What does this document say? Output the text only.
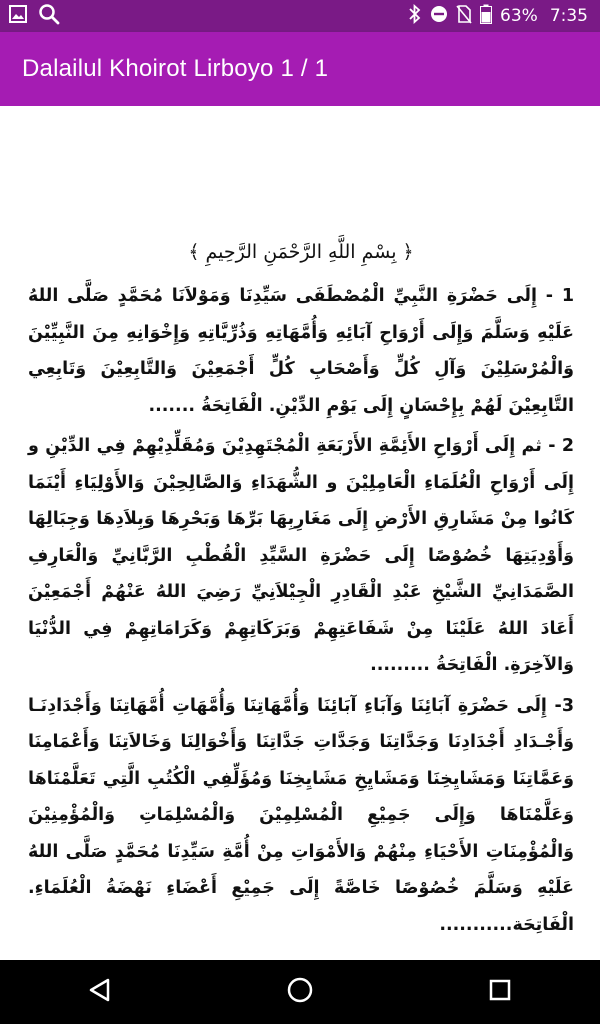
63% 7:35
Dalailul Khoirot Lirboyo 1 / 1
﴿ بِسْمِ اللَّهِ الرَّحْمَنِ الرَّحِيمِ ﴾

1 - إِلَى حَضْرَةِ النَّبِيِّ الْمُصْطَفَى سَيِّدِنَا وَمَوْلاَنَا مُحَمَّدٍ صَلَّى اللهُ عَلَيْهِ وَسَلَّمَ وَإِلَى أَرْوَاحِ آبَائِهِ وَأُمَّهَاتِهِ وَذُرِّيَّاتِهِ وَإِخْوَانِهِ مِنَ النَّبِيِّيْنَ وَالْمُرْسَلِيْنَ وَآلِ كُلٍّ وَأَصْحَابِ كُلٍّ أَجْمَعِيْنَ وَالتَّابِعِيْنَ وَتَابِعِي التَّابِعِيْنَ لَهُمْ بِإِحْسَانٍ إِلَى يَوْمِ الدِّيْنِ. الْفَاتِحَةُ .......

2 - ثم إِلَى أَرْوَاحِ الأَئِمَّةِ الأَرْبَعَةِ الْمُجْتَهِدِيْنَ وَمُقَلِّدِيْهِمْ فِي الدِّيْنِ و إِلَى أَرْوَاحِ الْعُلَمَاءِ الْعَامِلِيْنَ و الشُّهَدَاءِ وَالصَّالِحِيْنَ وَالأَوْلِيَاءِ أَيْنَمَا كَانُوا مِنْ مَشَارِقِ الأَرْضِ إِلَى مَغَارِبِهَا بَرِّهَا وَبَحْرِهَا وَبِلاَدِهَا وَجِبَالِهَا وَأَوْدِيَتِهَا خُصُوْصًا إِلَى حَضْرَةِ السَّيِّدِ الْقُطْبِ الرَّبَّانِيِّ وَالْعَارِفِ الصَّمَدَانِيِّ الشَّيْخِ عَبْدِ الْقَادِرِ الْجِيْلاَنِيِّ رَضِيَ اللهُ عَنْهُمْ أَجْمَعِيْنَ أَعَادَ اللهُ عَلَيْنَا مِنْ شَفَاعَتِهِمْ وَبَرَكَاتِهِمْ وَكَرَامَاتِهِمْ فِي الدُّنْيَا وَالآخِرَةِ. الْفَاتِحَةُ .........

3- إِلَى حَضْرَةِ آبَائِنَا وَآبَاءِ آبَائِنَا وَأُمَّهَاتِنَا وَأُمَّهَاتِ أُمَّهَاتِنَا وَأَجْدَادِنَـا وَأَجْـدَادِ أَجْدَادِنَا وَجَدَّاتِنَا وَجَدَّاتِ جَدَّاتِنَا وَأَخْوَالِنَا وَخَالاَتِنَا وَأَعْمَامِنَا وَعَمَّاتِنَا وَمَشَايِخِنَا وَمَشَايِخِ مَشَايِخِنَا وَمُؤَلِّفِي الْكُتُبِ الَّتِي تَعَلَّمْنَاهَا وَعَلَّمْنَاهَا وَإِلَى جَمِيْعِ الْمُسْلِمِيْنَ وَالْمُسْلِمَاتِ وَالْمُؤْمِنِيْنَ وَالْمُؤْمِنَاتِ الأَحْيَاءِ مِنْهُمْ وَالأَمْوَاتِ مِنْ أُمَّةِ سَيِّدِنَا مُحَمَّدٍ صَلَّى اللهُ عَلَيْهِ وَسَلَّمَ خُصُوْصًا خَاصَّةً إِلَى جَمِيْعِ أَعْضَاءِ نَهْضَةُ الْعُلَمَاءِ. الْفَاتِحَة...........
